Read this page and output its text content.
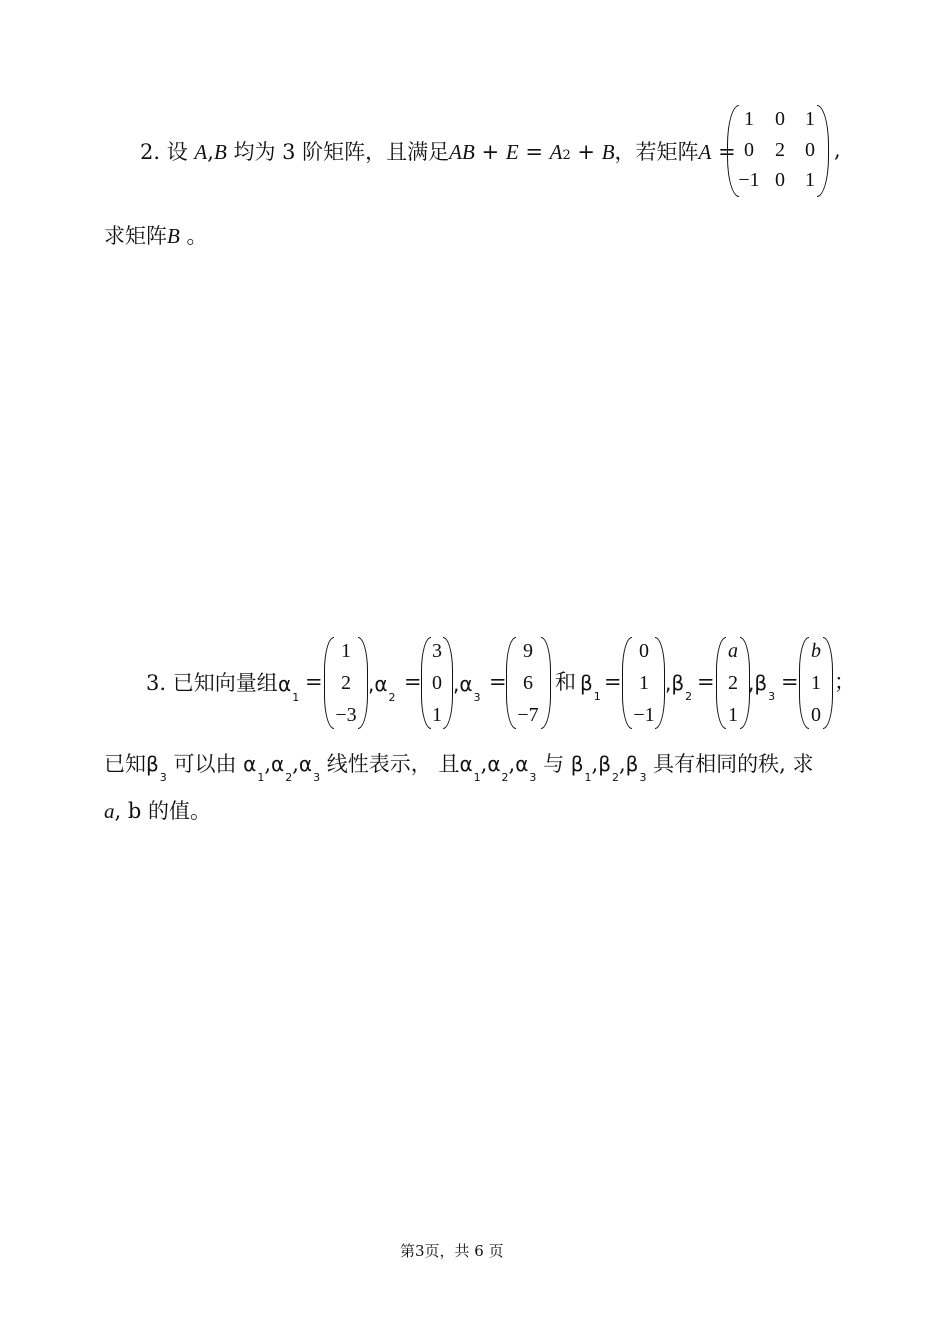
2. 设 A,B 均为 3 阶矩阵，且满足AB + E = A2 + B，若矩阵A =
1	0	1
0	2	0
−1 0	1
,
求矩阵B 。
3. 已知向量组 $\alpha_1$
=
1
2
−3
$,\alpha_2$
=
3
0
1
$,\alpha_3$
=
9
6
−7
和 $\beta_1$
=
0
1
−1
$,\beta_2$
=
a
2
1
$,\beta_3$
=
b
1
0
；
已知$\beta_3$ 可以由 $\alpha_1,\alpha_2,\alpha_3$ 线性表示， 且$\alpha_1,\alpha_2,\alpha_3$ 与 $\beta_1,\beta_2,\beta_3$ 具有相同的秩, 求
a, b 的值。
第3页，共 6 页
